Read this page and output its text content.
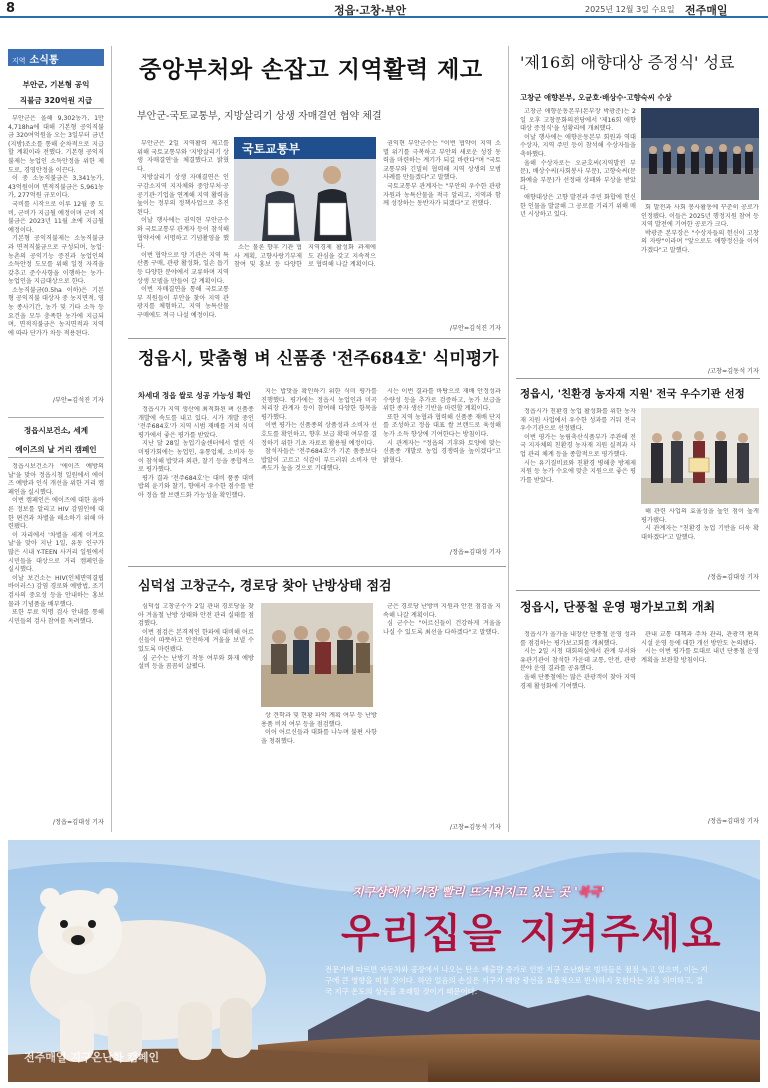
8	정읍·고창·부안	2025년 12월 3일 수요일 전주매일
지역 소식통
부안군, 기본형 공익
직불금 320억원 지급

부안군은 올해 9,302농가, 1만 4,718ha에 대해 기본형 공익직불금 320여억원을 오는 3일부터 금년(지방)조소를 통해 순차적으로 지급할 계획이라 전했다. 기본형 공익직불제는 농업인 소득안정을 위한 제도로, 경영안정을 이끈다.

이 중 소농직불금은 3,341농가, 43억원이며 면적직불금은 5,961농가, 277억원 규모이다.

국비를 시작으로 이루 12월 중 도비, 군비가 지급될 예정이며 군비 직불금은 2023년 11월 초에 지급될 예정이다.

기본형 공익직불제는 소농직불금과 면적직불금으로 구성되며, 농업·농촌의 공익기능 증진과 농업인의 소득안정 도모를 위해 일정 자격을 갖추고 준수사항을 이행하는 농가·농업인을 지급대상으로 한다.

소농직불금(0.5ha 이하)은 기본형 공익직불 대상자 중 농지면적, 영농 종사기간, 농가 및 기타 소득 등 요건을 모두 충족한 농가에 지급되며, 면적직불금은 농지면적과 지역에 따라 단가가 차등 적용된다.

/부안=김석진 기자
정읍시보건소, 세계
에이즈의 날 거리 캠페인

정읍시보건소가 '에이즈 예방의 날'을 맞아 정읍시청 일원에서 에이즈 예방과 인식 개선을 위한 거리 캠페인을 실시했다.

이번 캠페인은 에이즈에 대한 올바른 정보를 알리고 HIV 감염인에 대한 편견과 차별을 해소하기 위해 마련됐다.

이 자리에서 '차별을 세게 이겨요 날'을 맞아 지난 1일, 유동 인구가 많은 시내 Y-TEEN 사거리 일원에서 시민들을 대상으로 거리 캠페인을 실시했다.

이날 보건소는 HIV(인체면역결핍바이러스) 감염 경로와 예방법, 조기 검사의 중요성 등을 안내하는 홍보물과 기념품을 배부했다.

또한 무료 익명 검사 안내를 통해 시민들의 검사 참여를 독려했다.

/정읍=김대성 기자
중앙부처와 손잡고 지역활력 제고
부안군-국토교통부, 지방살리기 상생 자매결연 협약 체결

부안군은 2일 지역활력 제고를 위해 국토교통부와 '지방살리기 상생 자매결연'을 체결했다고 밝혔다.

지방살리기 상생 자매결연은 인구감소지역 지자체와 중앙부처·공공기관·기업을 연계해 지역 활력을 높이는 정부의 정책사업으로 추진된다.

이날 행사에는 권익현 부안군수와 국토교통부 관계자 등이 참석해 협약서에 서명하고 기념촬영을 했다.

이번 협약으로 양 기관은 지역 특산품 구매, 관광 활성화, 일손 돕기 등 다양한 분야에서 교류하며 지역 상생 모델을 만들어 갈 계획이다.

이번 자매결연을 통해 국토교통부 직원들이 부안을 찾아 지역 관광지를 체험하고, 지역 농특산물 구매에도 적극 나설 예정이다.

국토교통부

소는 물론 향후 기관 협사 계획, 고향사랑기부제 참여 및 홍보 등 다양한 지역경제 활성화 과제에도 관심을 갖고 지속적으로 협력해 나갈 계획이다.

권익현 부안군수는 "이번 협약이 지역 소멸 위기를 극복하고 부안의 새로운 성장 동력을 마련하는 계기가 되길 바란다"며 "국토교통부와 긴밀히 협력해 지역 상생의 모범 사례를 만들겠다"고 말했다.

국토교통부 관계자는 "부안의 우수한 관광자원과 농특산물을 적극 알리고, 지역과 함께 성장하는 동반자가 되겠다"고 전했다.

/부안=김석진 기자
정읍시, 맞춤형 벼 신품종 '전주684호' 식미평가
차세대 정읍 쌀로 성공 가능성 확인

정읍시가 지역 생산에 최적화된 벼 신품종 개발에 속도를 내고 있다. 시가 개발 중인 '전주684호'가 지역 시범 재배를 거쳐 식미평가에서 좋은 평가를 받았다.

지난 달 28일 농업기술센터에서 열린 식미평가회에는 농업인, 유통업체, 소비자 등이 참석해 밥맛과 외관, 찰기 등을 종합적으로 평가했다.

평가 결과 '전주684호'는 대비 품종 대비 밥의 윤기와 찰기, 향에서 우수한 점수를 받아 정읍 쌀 브랜드화 가능성을 확인했다.

지는 밥맛을 확인하기 위한 식미 평가를 진행했다. 평가에는 정읍시 농업인과 미곡처리장 관계자 등이 참여해 다양한 항목을 평가했다.

이번 평가는 신품종의 상품성과 소비자 선호도를 확인하고, 향후 보급 확대 여부를 결정하기 위한 기초 자료로 활용될 예정이다.

참석자들은 '전주684호'가 기존 품종보다 밥알이 고르고 식감이 부드러워 소비자 만족도가 높을 것으로 기대했다.

시는 이번 결과를 바탕으로 재배 안정성과 수량성 등을 추가로 검증하고, 농가 보급을 위한 종자 생산 기반을 마련할 계획이다.

또한 지역 농협과 협력해 신품종 재배 단지를 조성하고 정읍 대표 쌀 브랜드로 육성해 농가 소득 향상에 기여한다는 방침이다.

시 관계자는 "정읍의 기후와 토양에 맞는 신품종 개발로 농업 경쟁력을 높이겠다"고 밝혔다.

/정읍=김대성 기자
심덕섭 고창군수, 경로당 찾아 난방상태 점검

심덕섭 고창군수가 2일 관내 경로당을 찾아 겨울철 난방 상태와 안전 관리 실태를 점검했다.

이번 점검은 본격적인 한파에 대비해 어르신들이 따뜻하고 안전하게 겨울을 보낼 수 있도록 마련됐다.

심 군수는 난방기 작동 여부와 화재 예방 설비 등을 꼼꼼히 살폈다.

상 견학과 및 현황 파악 계획 여부 등 난방용품 비치 여부 등을 점검했다.

이어 어르신들과 대화를 나누며 불편 사항을 청취했다.

군은 경로당 난방비 지원과 안전 점검을 지속해 나갈 계획이다.

심 군수는 "어르신들이 건강하게 겨울을 나실 수 있도록 최선을 다하겠다"고 말했다.

/고창=김동석 기자
'제16회 애향대상 증정식' 성료
고창군 애향본부, 오균호·배상수·고향숙씨 수상

고창군 애향운동본부(본부장 박광준)는 2일 오후 고창문화의전당에서 '제16회 애향대상 증정식'을 성황리에 개최했다.

이날 행사에는 애향운동본부 회원과 역대 수상자, 지역 주민 등이 참석해 수상자들을 축하했다.

올해 수상자로는 오균호씨(지역발전 부문), 배상수씨(사회봉사 부문), 고향숙씨(문화예술 부문)가 선정돼 상패와 부상을 받았다.

애향대상은 고향 발전과 주민 화합에 헌신한 인물을 발굴해 그 공로를 기리기 위해 매년 시상하고 있다.

회 발전과 사회 봉사활동에 꾸준히 공로가 인정됐다. 이들은 2025년 행정지원 참여 등 지역 발전에 기여한 공로가 크다.

박광준 본부장은 "수상자들의 헌신이 고창의 자랑"이라며 "앞으로도 애향정신을 이어가겠다"고 말했다.

/고창=김동석 기자
정읍시, '친환경 농자재 지원' 전국 우수기관 선정

정읍시가 친환경 농업 활성화를 위한 농자재 지원 사업에서 우수한 성과를 거둬 전국 우수기관으로 선정됐다.

이번 평가는 농림축산식품부가 주관해 전국 지자체의 친환경 농자재 지원 실적과 사업 관리 체계 등을 종합적으로 평가했다.

시는 유기질비료와 친환경 병해충 방제제 지원 등 농가 수요에 맞춘 지원으로 좋은 평가를 받았다.

해 관련 사업의 효율성을 높인 점이 높게 평가됐다.

시 관계자는 "친환경 농업 기반을 더욱 확대하겠다"고 말했다.

/정읍=김대성 기자
정읍시, 단풍철 운영 평가보고회 개최

정읍시가 올가을 내장산 단풍철 운영 성과를 점검하는 평가보고회를 개최했다.

시는 2일 시청 대회의실에서 관계 부서와 유관기관이 참석한 가운데 교통, 안전, 관광 분야 운영 결과를 공유했다.

올해 단풍철에는 많은 관광객이 찾아 지역 경제 활성화에 기여했다.

관내 교통 대책과 주차 관리, 관광객 편의 시설 운영 등에 대한 개선 방안도 논의됐다.

시는 이번 평가를 토대로 내년 단풍철 운영 계획을 보완할 방침이다.

/정읍=김대성 기자
지구상에서 가장 빨리 뜨거워지고 있는 곳 '북극'
우리집을 지켜주세요
전문가에 따르면 자동차와 공장에서 나오는 탄소 배출량 증가로 인한 지구 온난화로 빙하들은 점점 녹고 있으며, 이는 지구에 큰 영향을 미칠 것이다. 하얀 얼음의 손실은 지구가 태양 광선을 효율적으로 반사하지 못한다는 것을 의미하고, 결국 지구 온도의 상승을 초래할 것이기 때문이다.
전주매일 지구온난화 캠페인
